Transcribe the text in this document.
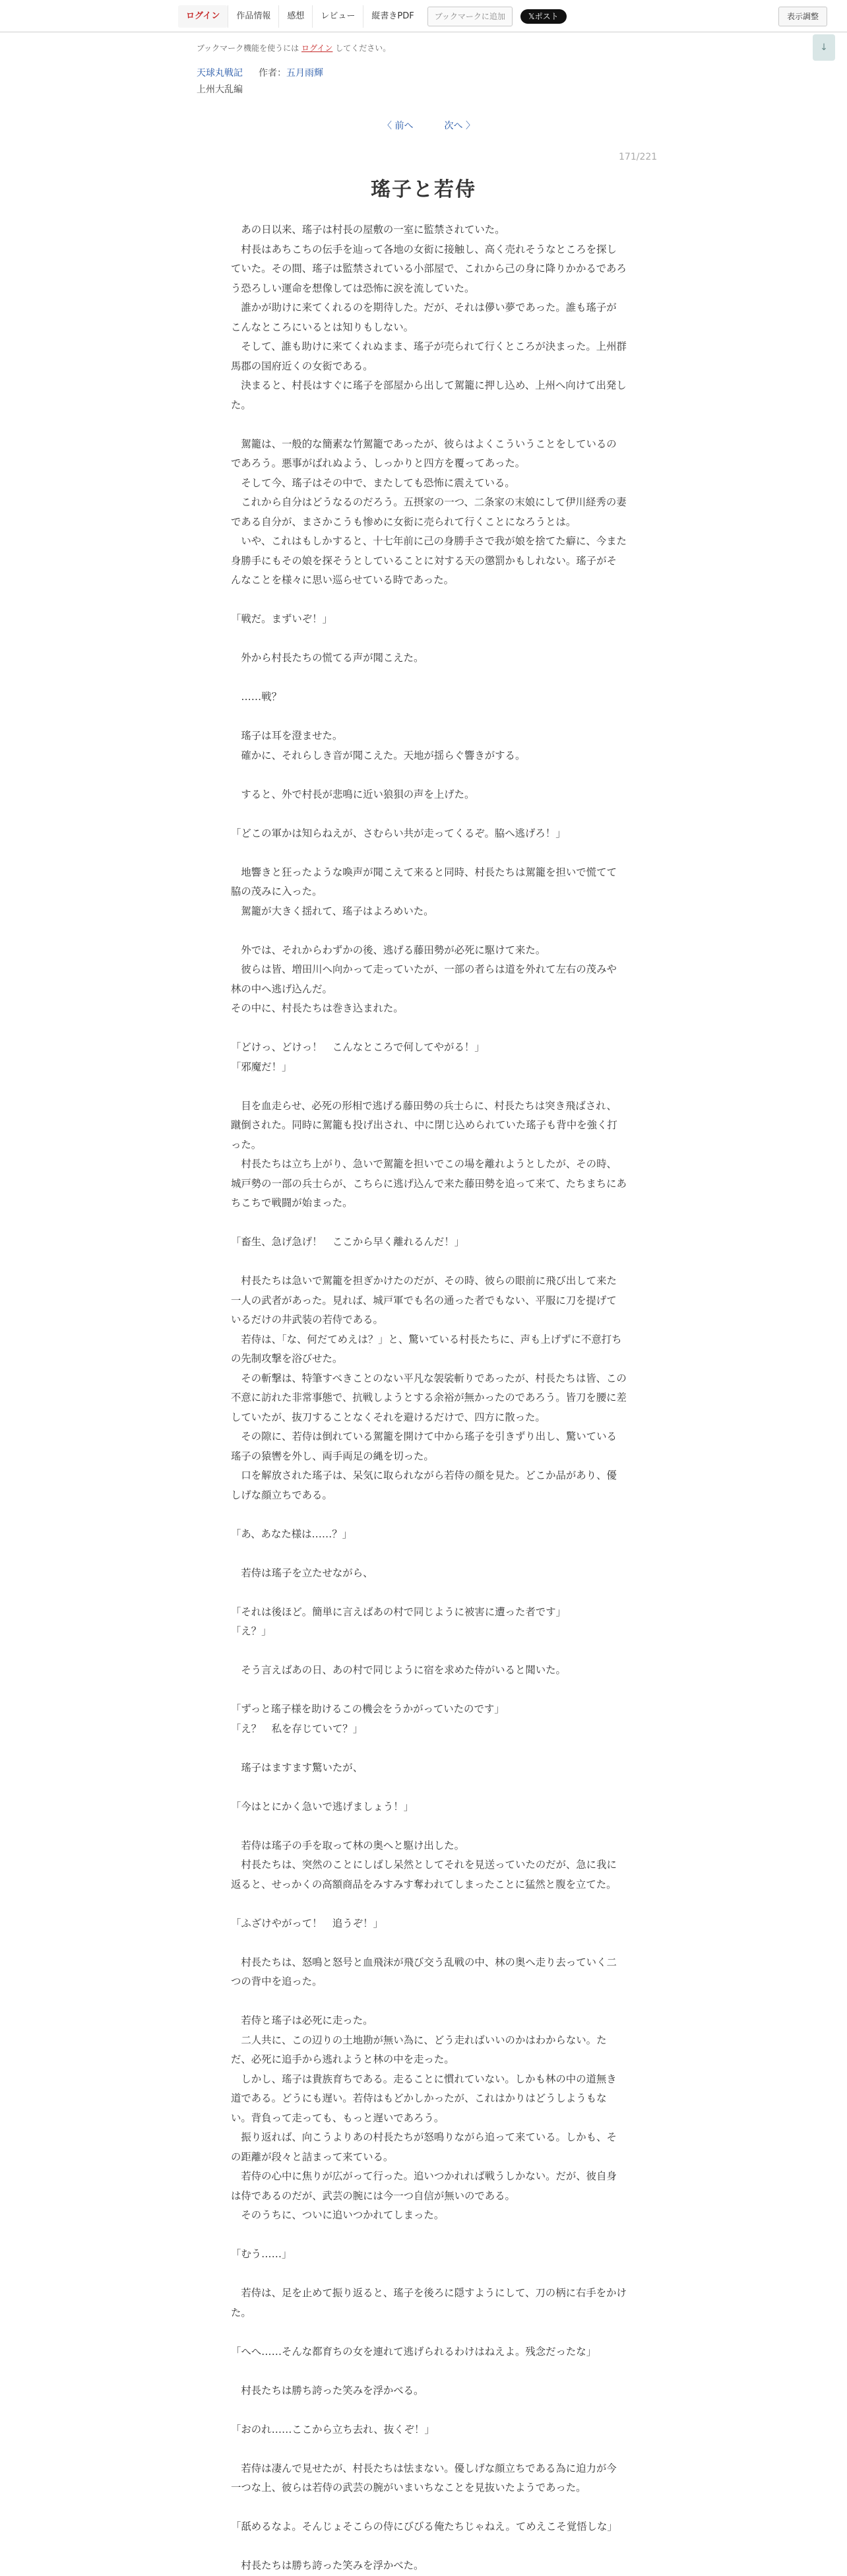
ログイン	作品情報	感想	レビュー	縦書きPDF	ブックマークに追加	𝕏ポスト	表示調整
↓
ブックマーク機能を使うには ログイン してください。
天球丸戦記 作者：五月雨輝
上州大乱編
〈 前へ	次へ 〉
171/221
瑤子と若侍
　あの日以来、瑤子は村長の屋敷の一室に監禁されていた。
　村長はあちこちの伝手を辿って各地の女衒に接触し、高く売れそうなところを探していた。その間、瑤子は監禁されている小部屋で、これから己の身に降りかかるであろう恐ろしい運命を想像しては恐怖に涙を流していた。
　誰かが助けに来てくれるのを期待した。だが、それは儚い夢であった。誰も瑤子がこんなところにいるとは知りもしない。
　そして、誰も助けに来てくれぬまま、瑤子が売られて行くところが決まった。上州群馬郡の国府近くの女衒である。
　決まると、村長はすぐに瑤子を部屋から出して駕籠に押し込め、上州へ向けて出発した。
　駕籠は、一般的な簡素な竹駕籠であったが、彼らはよくこういうことをしているのであろう。悪事がばれぬよう、しっかりと四方を覆ってあった。
　そして今、瑤子はその中で、またしても恐怖に震えている。
　これから自分はどうなるのだろう。五摂家の一つ、二条家の末娘にして伊川経秀の妻である自分が、まさかこうも惨めに女衒に売られて行くことになろうとは。
　いや、これはもしかすると、十七年前に己の身勝手さで我が娘を捨てた癖に、今また身勝手にもその娘を探そうとしていることに対する天の懲罰かもしれない。瑤子がそんなことを様々に思い巡らせている時であった。
「戦だ。まずいぞ！」
　外から村長たちの慌てる声が聞こえた。
　……戦？
　瑤子は耳を澄ませた。
　確かに、それらしき音が聞こえた。天地が揺らぐ響きがする。
　すると、外で村長が悲鳴に近い狼狽の声を上げた。
「どこの軍かは知らねえが、さむらい共が走ってくるぞ。脇へ逃げろ！」
　地響きと狂ったような喚声が聞こえて来ると同時、村長たちは駕籠を担いで慌てて脇の茂みに入った。
　駕籠が大きく揺れて、瑤子はよろめいた。
　外では、それからわずかの後、逃げる藤田勢が必死に駆けて来た。
　彼らは皆、増田川へ向かって走っていたが、一部の者らは道を外れて左右の茂みや林の中へ逃げ込んだ。
その中に、村長たちは巻き込まれた。
「どけっ、どけっ！　こんなところで何してやがる！」
「邪魔だ！」
　目を血走らせ、必死の形相で逃げる藤田勢の兵士らに、村長たちは突き飛ばされ、蹴倒された。同時に駕籠も投げ出され、中に閉じ込められていた瑤子も背中を強く打った。
　村長たちは立ち上がり、急いで駕籠を担いでこの場を離れようとしたが、その時、城戸勢の一部の兵士らが、こちらに逃げ込んで来た藤田勢を追って来て、たちまちにあちこちで戦闘が始まった。
「畜生、急げ急げ！　ここから早く離れるんだ！」
　村長たちは急いで駕籠を担ぎかけたのだが、その時、彼らの眼前に飛び出して来た一人の武者があった。見れば、城戸軍でも名の通った者でもない、平服に刀を提げているだけの井武装の若侍である。
　若侍は、「な、何だてめえは？」と、驚いている村長たちに、声も上げずに不意打ちの先制攻撃を浴びせた。
　その斬撃は、特筆すべきことのない平凡な袈裟斬りであったが、村長たちは皆、この不意に訪れた非常事態で、抗戦しようとする余裕が無かったのであろう。皆刀を腰に差していたが、抜刀することなくそれを避けるだけで、四方に散った。
　その隙に、若侍は倒れている駕籠を開けて中から瑤子を引きずり出し、驚いている瑤子の猿轡を外し、両手両足の縄を切った。
　口を解放された瑤子は、呆気に取られながら若侍の顔を見た。どこか品があり、優しげな顔立ちである。
「あ、あなた様は……？」
　若侍は瑤子を立たせながら、
「それは後ほど。簡単に言えばあの村で同じように被害に遭った者です」
「え？」
　そう言えばあの日、あの村で同じように宿を求めた侍がいると聞いた。
「ずっと瑤子様を助けるこの機会をうかがっていたのです」
「え？　私を存じていて？」
　瑤子はますます驚いたが、
「今はとにかく急いで逃げましょう！」
　若侍は瑤子の手を取って林の奥へと駆け出した。
　村長たちは、突然のことにしばし呆然としてそれを見送っていたのだが、急に我に返ると、せっかくの高額商品をみすみす奪われてしまったことに猛然と腹を立てた。
「ふざけやがって！　追うぞ！」
　村長たちは、怒鳴と怒号と血飛沫が飛び交う乱戦の中、林の奥へ走り去っていく二つの背中を追った。
　若侍と瑤子は必死に走った。
　二人共に、この辺りの土地勘が無い為に、どう走ればいいのかはわからない。ただ、必死に追手から逃れようと林の中を走った。
　しかし、瑤子は貴族育ちである。走ることに慣れていない。しかも林の中の道無き道である。どうにも遅い。若侍はもどかしかったが、これはかりはどうしようもない。背負って走っても、もっと遅いであろう。
　振り返れば、向こうよりあの村長たちが怒鳴りながら追って来ている。しかも、その距離が段々と詰まって来ている。
　若侍の心中に焦りが広がって行った。追いつかれれば戦うしかない。だが、彼自身は侍であるのだが、武芸の腕には今一つ自信が無いのである。
　そのうちに、ついに追いつかれてしまった。
「むう……」
　若侍は、足を止めて振り返ると、瑤子を後ろに隠すようにして、刀の柄に右手をかけた。
「へへ……そんな都育ちの女を連れて逃げられるわけはねえよ。残念だったな」
　村長たちは勝ち誇った笑みを浮かべる。
「おのれ……ここから立ち去れ、抜くぞ！」
　若侍は凄んで見せたが、村長たちは怯まない。優しげな顔立ちである為に迫力が今一つな上、彼らは若侍の武芸の腕がいまいちなことを見抜いたようであった。
「舐めるなよ。そんじょそこらの侍にびびる俺たちじゃねえ。てめえこそ覚悟しな」
　村長たちは勝ち誇った笑みを浮かべた。
